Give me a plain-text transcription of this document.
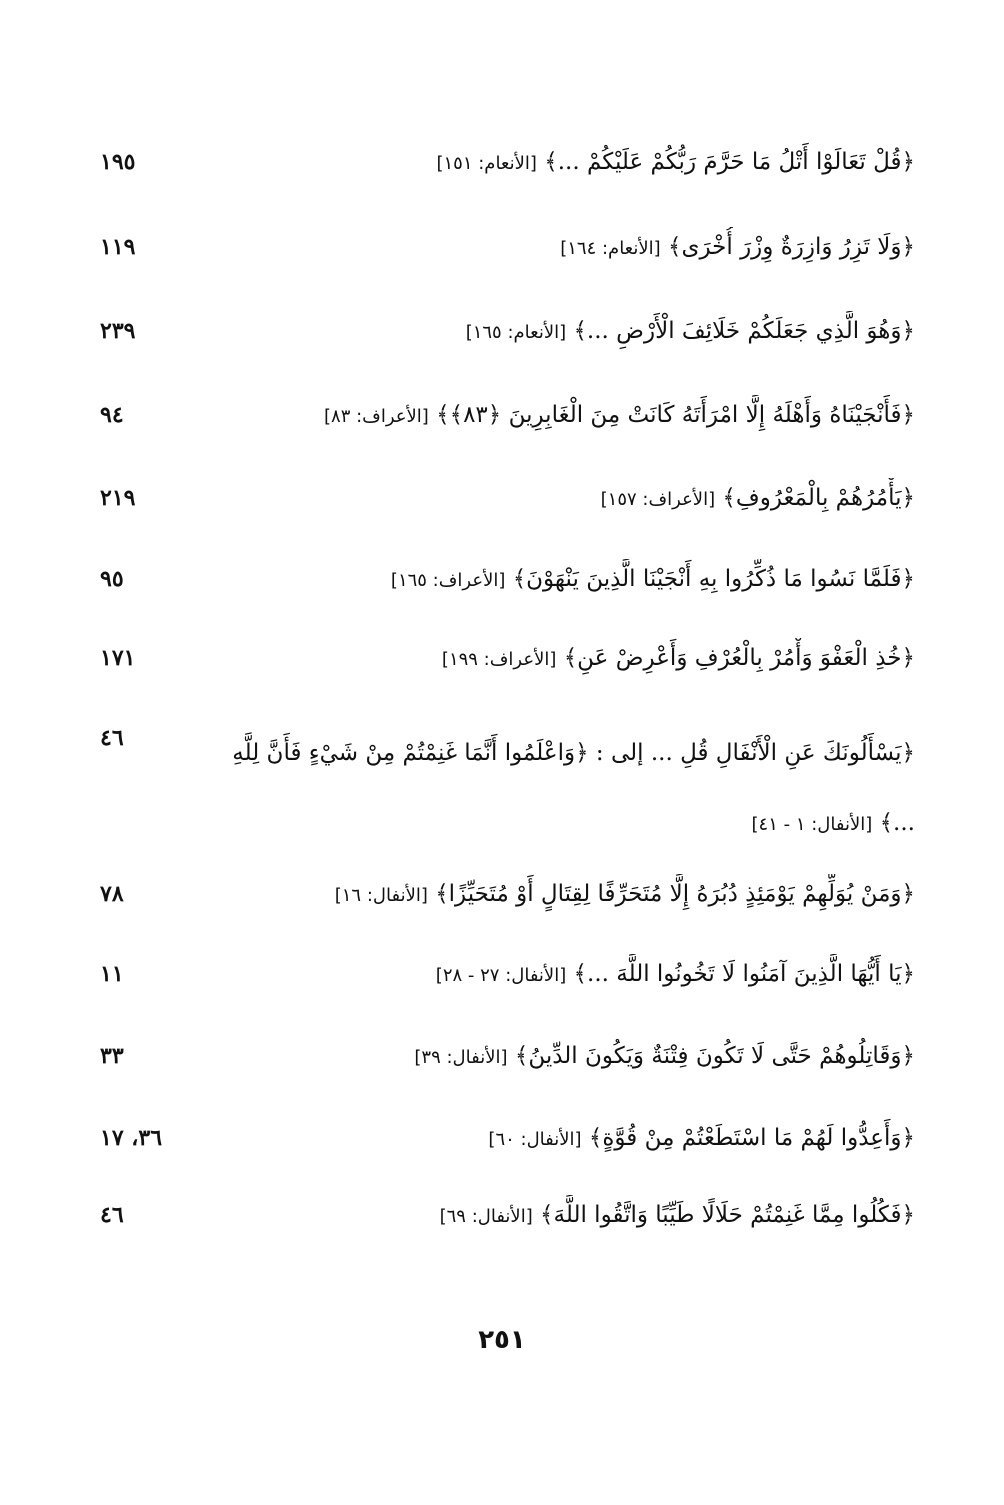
﴿قُلْ تَعَالَوْا أَتْلُ مَا حَرَّمَ رَبُّكُمْ عَلَيْكُمْ ...﴾ [الأنعام: ١٥١]
١٩٥
﴿وَلَا تَزِرُ وَازِرَةٌ وِزْرَ أُخْرَى﴾ [الأنعام: ١٦٤]
١١٩
﴿وَهُوَ الَّذِي جَعَلَكُمْ خَلَائِفَ الْأَرْضِ ...﴾ [الأنعام: ١٦٥]
٢٣٩
﴿فَأَنْجَيْنَاهُ وَأَهْلَهُ إِلَّا امْرَأَتَهُ كَانَتْ مِنَ الْغَابِرِينَ ﴿٨٣﴾﴾ [الأعراف: ٨٣]
٩٤
﴿يَأْمُرُهُمْ بِالْمَعْرُوفِ﴾ [الأعراف: ١٥٧]
٢١٩
﴿فَلَمَّا نَسُوا مَا ذُكِّرُوا بِهِ أَنْجَيْنَا الَّذِينَ يَنْهَوْنَ﴾ [الأعراف: ١٦٥]
٩٥
﴿خُذِ الْعَفْوَ وَأْمُرْ بِالْعُرْفِ وَأَعْرِضْ عَنِ﴾ [الأعراف: ١٩٩]
١٧١
﴿يَسْأَلُونَكَ عَنِ الْأَنْفَالِ قُلِ ... إلى : ﴿وَاعْلَمُوا أَنَّمَا غَنِمْتُمْ مِنْ شَيْءٍ فَأَنَّ لِلَّهِ ...﴾ [الأنفال: ١ - ٤١]
٤٦
﴿وَمَنْ يُوَلِّهِمْ يَوْمَئِذٍ دُبُرَهُ إِلَّا مُتَحَرِّفًا لِقِتَالٍ أَوْ مُتَحَيِّزًا﴾ [الأنفال: ١٦]
٧٨
﴿يَا أَيُّهَا الَّذِينَ آمَنُوا لَا تَخُونُوا اللَّهَ ...﴾ [الأنفال: ٢٧ - ٢٨]
١١
﴿وَقَاتِلُوهُمْ حَتَّى لَا تَكُونَ فِتْنَةٌ وَيَكُونَ الدِّينُ﴾ [الأنفال: ٣٩]
٣٣
﴿وَأَعِدُّوا لَهُمْ مَا اسْتَطَعْتُمْ مِنْ قُوَّةٍ﴾ [الأنفال: ٦٠]
٣٦، ١٧
﴿فَكُلُوا مِمَّا غَنِمْتُمْ حَلَالًا طَيِّبًا وَاتَّقُوا اللَّهَ﴾ [الأنفال: ٦٩]
٤٦
٢٥١
